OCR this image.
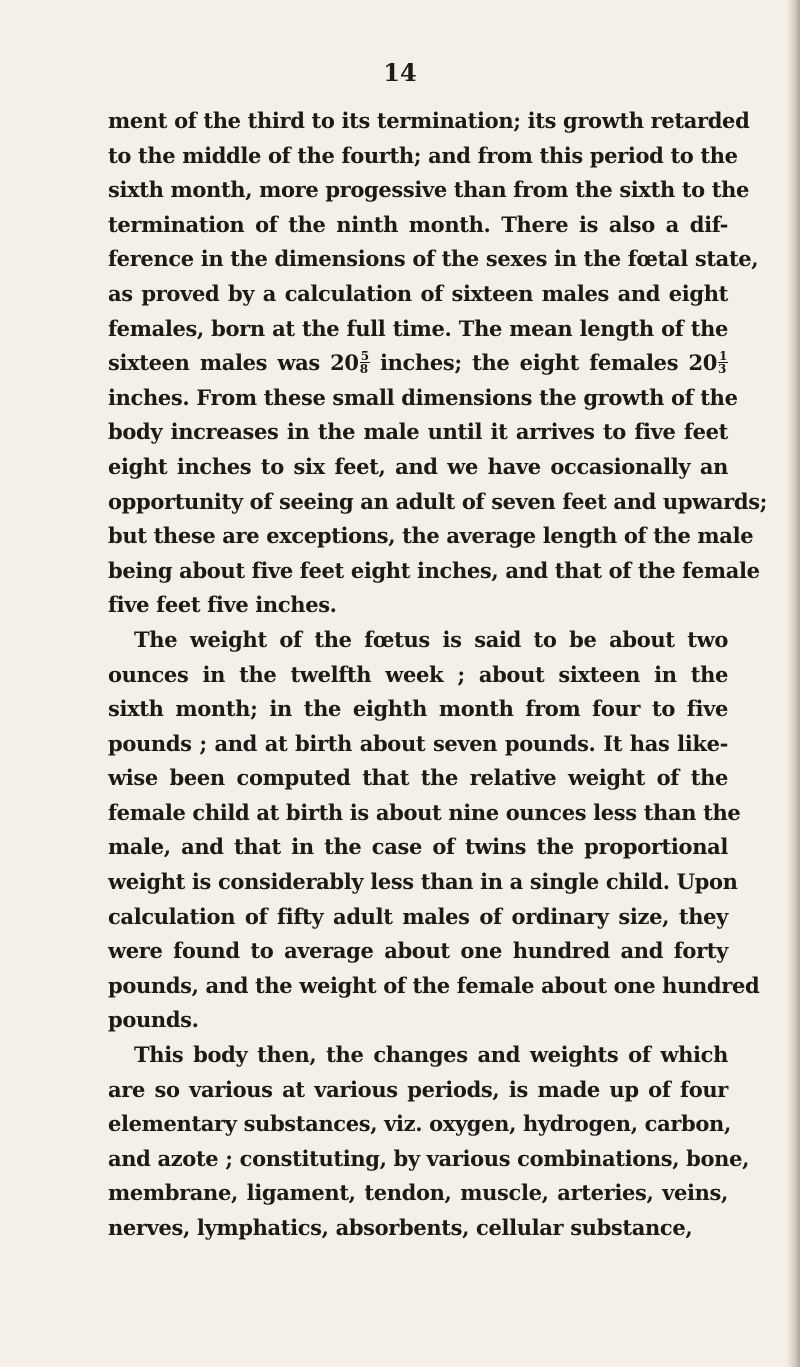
14
ment of the third to its termination; its growth retarded
to the middle of the fourth; and from this period to the
sixth month, more progessive than from the sixth to the
termination of the ninth month. There is also a dif-
ference in the dimensions of the sexes in the fœtal state,
as proved by a calculation of sixteen males and eight
females, born at the full time. The mean length of the
sixteen males was $20 \frac{5}{8}$ inches; the eight females $20 \frac{1}{3}$
inches. From these small dimensions the growth of the
body increases in the male until it arrives to five feet
eight inches to six feet, and we have occasionally an
opportunity of seeing an adult of seven feet and upwards;
but these are exceptions, the average length of the male
being about five feet eight inches, and that of the female
five feet five inches.
The weight of the fœtus is said to be about two
ounces in the twelfth week ; about sixteen in the
sixth month; in the eighth month from four to five
pounds ; and at birth about seven pounds. It has like-
wise been computed that the relative weight of the
female child at birth is about nine ounces less than the
male, and that in the case of twins the proportional
weight is considerably less than in a single child. Upon
calculation of fifty adult males of ordinary size, they
were found to average about one hundred and forty
pounds, and the weight of the female about one hundred
pounds.
This body then, the changes and weights of which
are so various at various periods, is made up of four
elementary substances, viz. oxygen, hydrogen, carbon,
and azote ; constituting, by various combinations, bone,
membrane, ligament, tendon, muscle, arteries, veins,
nerves, lymphatics, absorbents, cellular substance,
